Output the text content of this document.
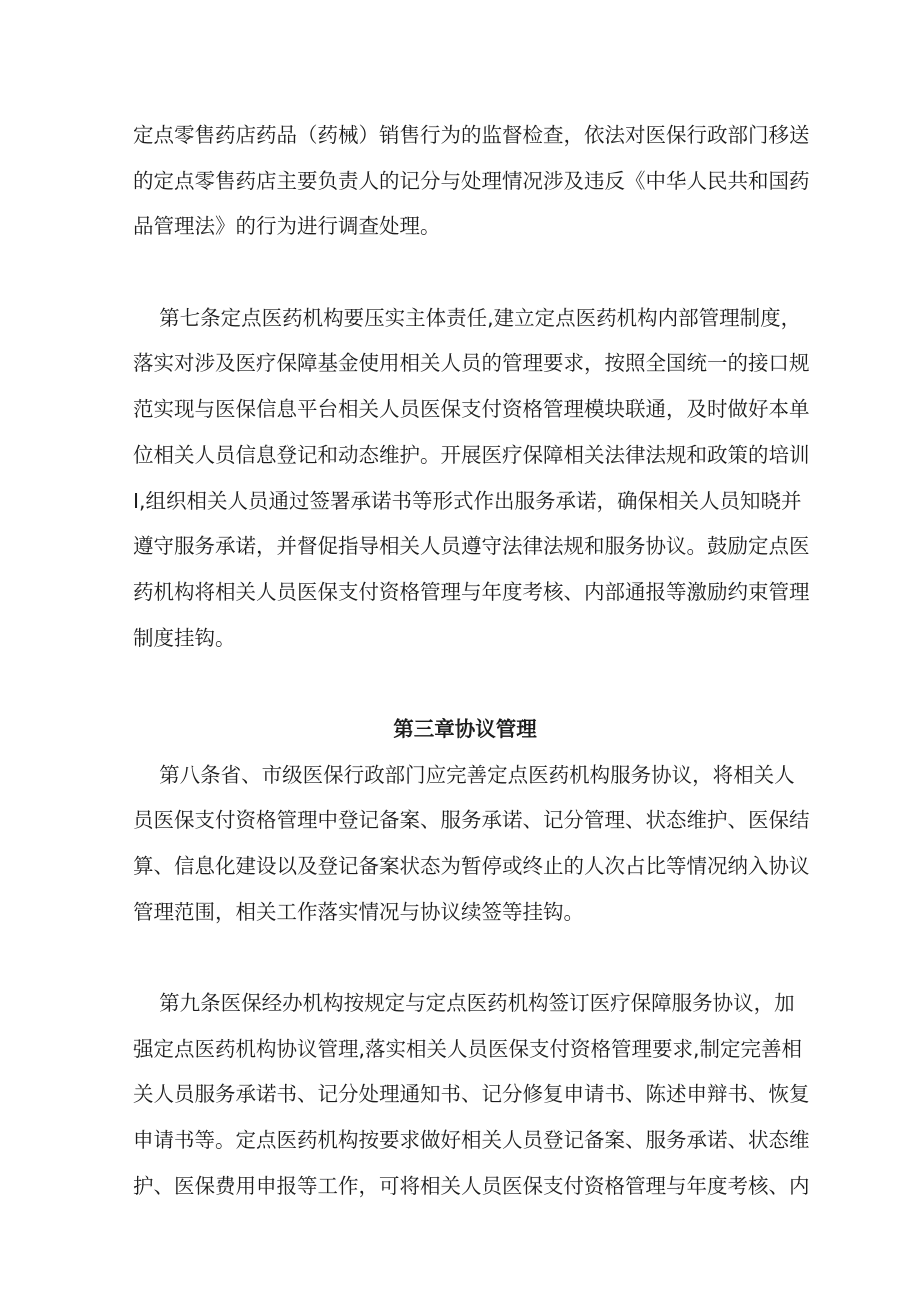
定点零售药店药品（药械）销售行为的监督检查，依法对医保行政部门移送
的定点零售药店主要负责人的记分与处理情况涉及违反《中华人民共和国药
品管理法》的行为进行调查处理。
第七条定点医药机构要压实主体责任,建立定点医药机构内部管理制度，
落实对涉及医疗保障基金使用相关人员的管理要求，按照全国统一的接口规
范实现与医保信息平台相关人员医保支付资格管理模块联通，及时做好本单
位相关人员信息登记和动态维护。开展医疗保障相关法律法规和政策的培训
I,组织相关人员通过签署承诺书等形式作出服务承诺，确保相关人员知晓并
遵守服务承诺，并督促指导相关人员遵守法律法规和服务协议。鼓励定点医
药机构将相关人员医保支付资格管理与年度考核、内部通报等激励约束管理
制度挂钩。
第三章协议管理
第八条省、市级医保行政部门应完善定点医药机构服务协议，将相关人
员医保支付资格管理中登记备案、服务承诺、记分管理、状态维护、医保结
算、信息化建设以及登记备案状态为暂停或终止的人次占比等情况纳入协议
管理范围，相关工作落实情况与协议续签等挂钩。
第九条医保经办机构按规定与定点医药机构签订医疗保障服务协议，加
强定点医药机构协议管理,落实相关人员医保支付资格管理要求,制定完善相
关人员服务承诺书、记分处理通知书、记分修复申请书、陈述申辩书、恢复
申请书等。定点医药机构按要求做好相关人员登记备案、服务承诺、状态维
护、医保费用申报等工作，可将相关人员医保支付资格管理与年度考核、内
